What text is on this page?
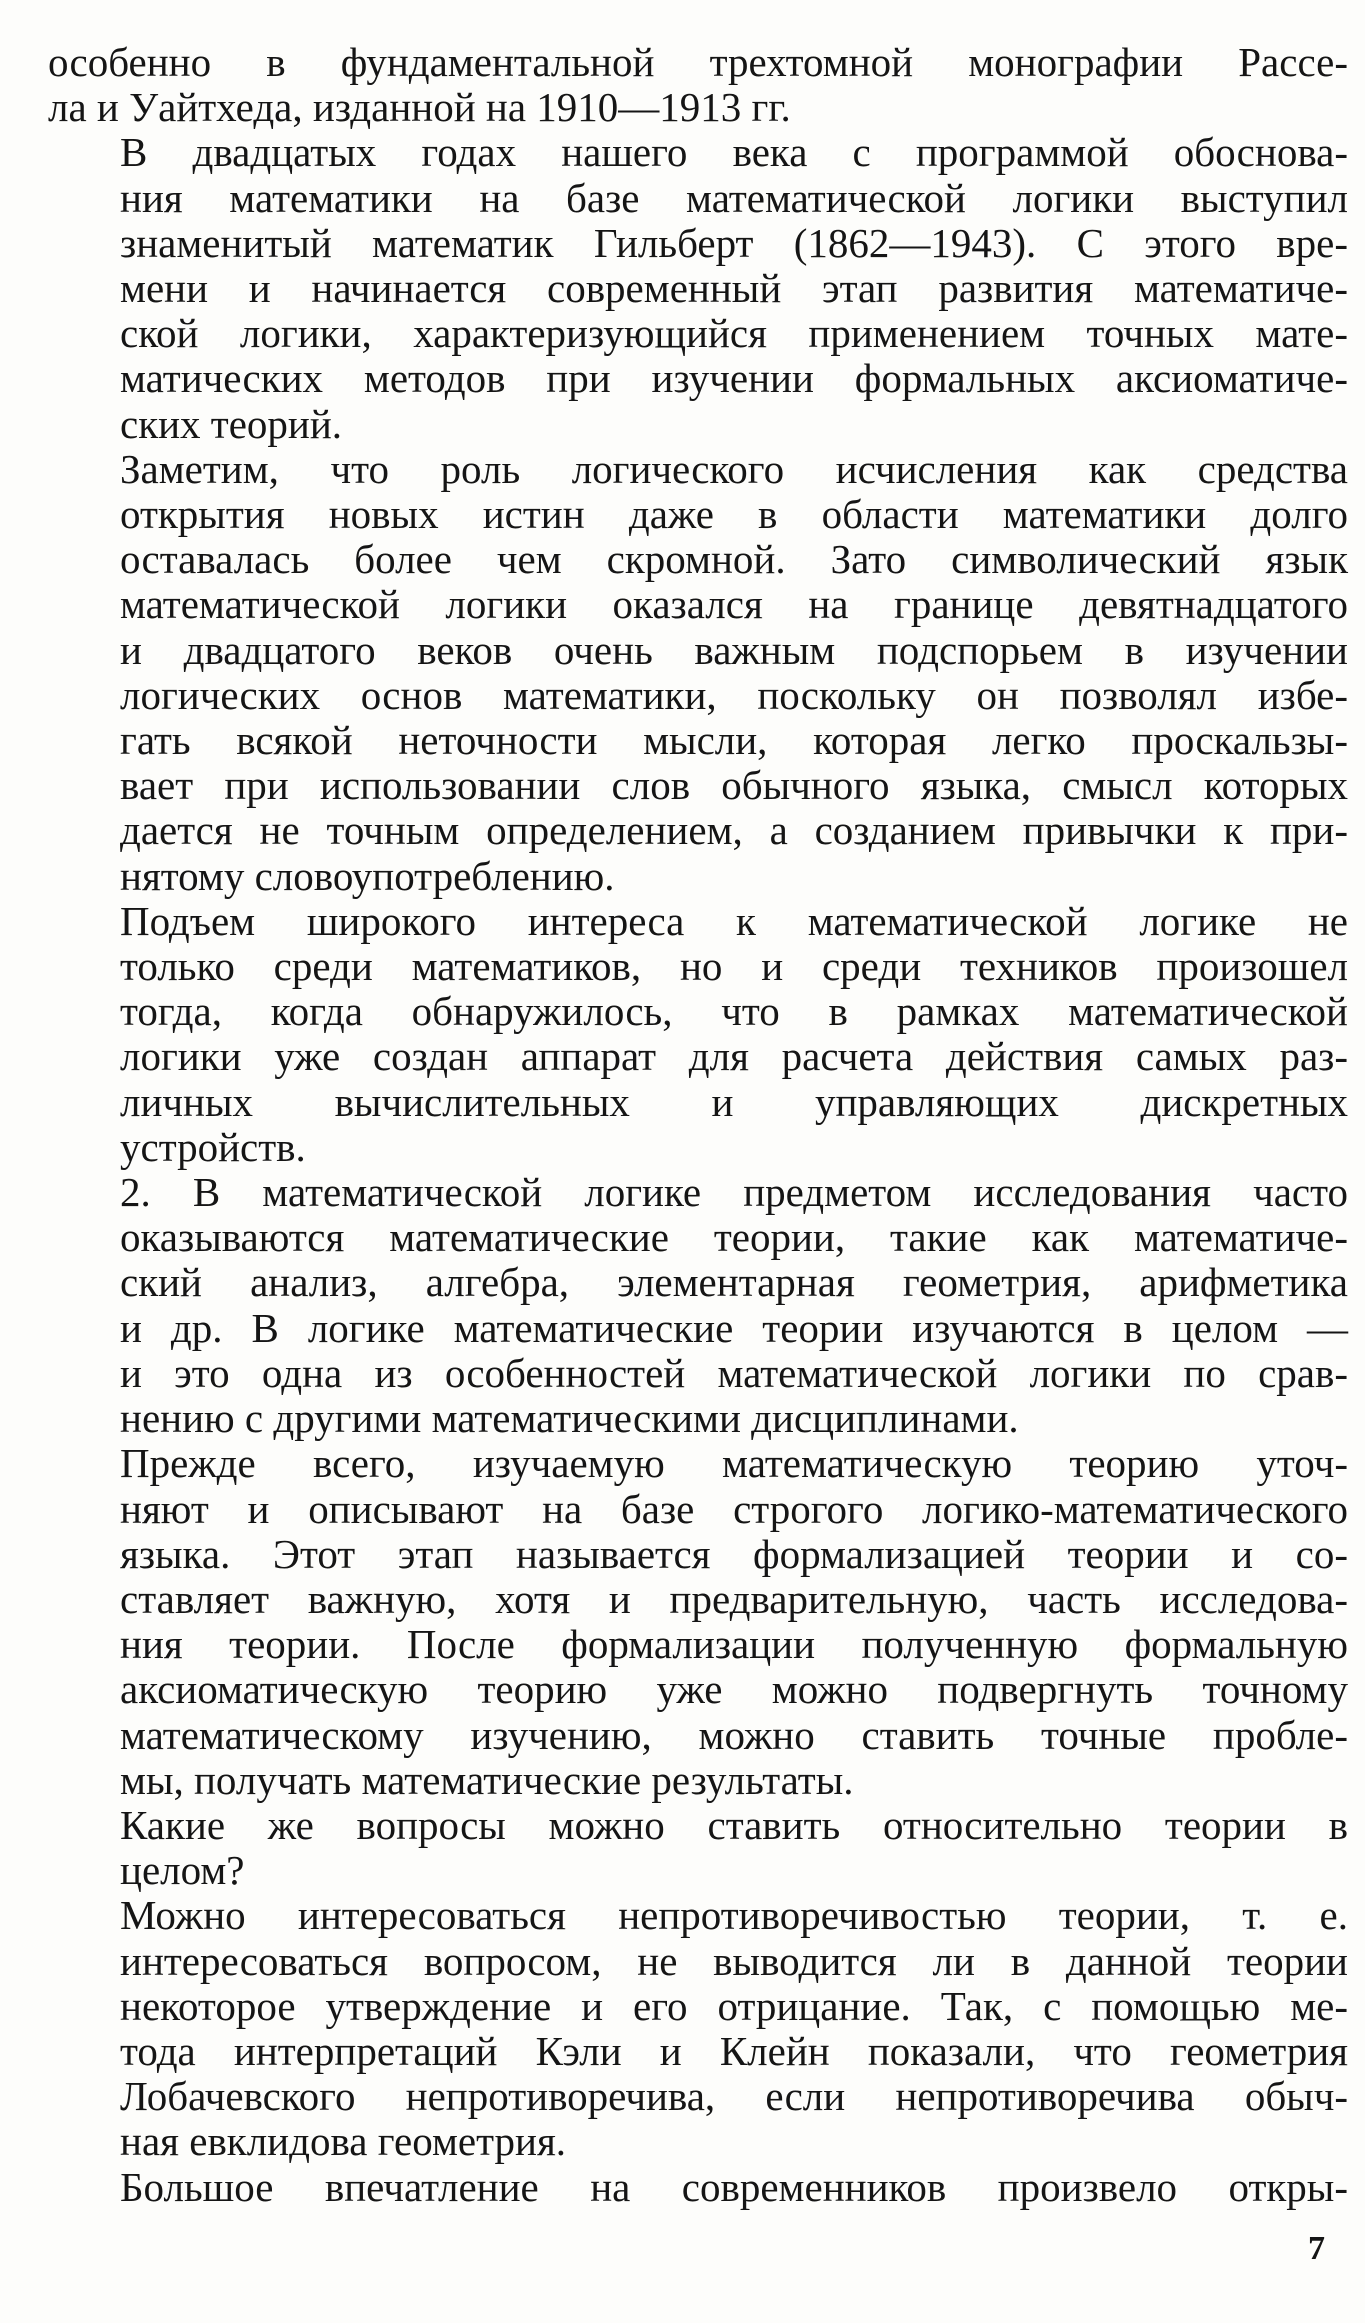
особенно в фундаментальной трехтомной монографии Рассе-
ла и Уайтхеда, изданной на 1910—1913 гг.

В двадцатых годах нашего века с программой обоснова-
ния математики на базе математической логики выступил
знаменитый математик Гильберт (1862—1943). С этого вре-
мени и начинается современный этап развития математиче-
ской логики, характеризующийся применением точных мате-
матических методов при изучении формальных аксиоматиче-
ских теорий.

Заметим, что роль логического исчисления как средства
открытия новых истин даже в области математики долго
оставалась более чем скромной. Зато символический язык
математической логики оказался на границе девятнадцатого
и двадцатого веков очень важным подспорьем в изучении
логических основ математики, поскольку он позволял избе-
гать всякой неточности мысли, которая легко проскальзы-
вает при использовании слов обычного языка, смысл которых
дается не точным определением, а созданием привычки к при-
нятому словоупотреблению.

Подъем широкого интереса к математической логике не
только среди математиков, но и среди техников произошел
тогда, когда обнаружилось, что в рамках математической
логики уже создан аппарат для расчета действия самых раз-
личных вычислительных и управляющих дискретных
устройств.

2. В математической логике предметом исследования часто
оказываются математические теории, такие как математиче-
ский анализ, алгебра, элементарная геометрия, арифметика
и др. В логике математические теории изучаются в целом —
и это одна из особенностей математической логики по срав-
нению с другими математическими дисциплинами.

Прежде всего, изучаемую математическую теорию уточ-
няют и описывают на базе строгого логико-математического
языка. Этот этап называется формализацией теории и со-
ставляет важную, хотя и предварительную, часть исследова-
ния теории. После формализации полученную формальную
аксиоматическую теорию уже можно подвергнуть точному
математическому изучению, можно ставить точные пробле-
мы, получать математические результаты.

Какие же вопросы можно ставить относительно теории в
целом?

Можно интересоваться непротиворечивостью теории, т. е.
интересоваться вопросом, не выводится ли в данной теории
некоторое утверждение и его отрицание. Так, с помощью ме-
тода интерпретаций Кэли и Клейн показали, что геометрия
Лобачевского непротиворечива, если непротиворечива обыч-
ная евклидова геометрия.

Большое впечатление на современников произвело откры-

7
